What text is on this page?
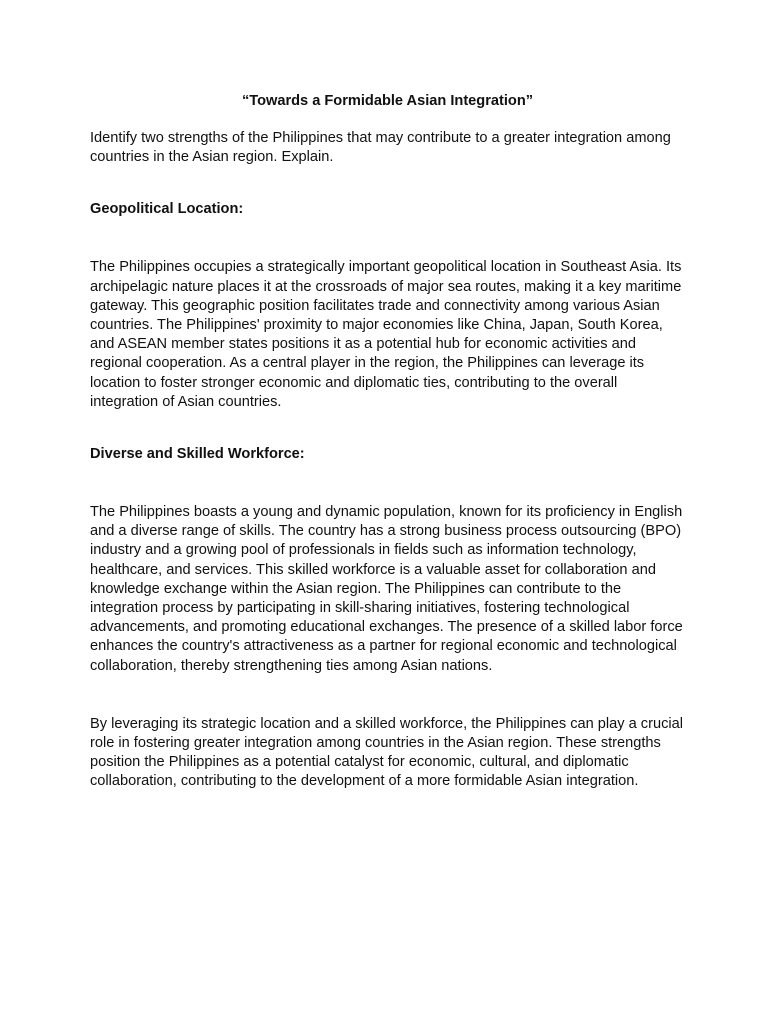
“Towards a Formidable Asian Integration”

Identify two strengths of the Philippines that may contribute to a greater integration among countries in the Asian region. Explain.

Geopolitical Location:

The Philippines occupies a strategically important geopolitical location in Southeast Asia. Its archipelagic nature places it at the crossroads of major sea routes, making it a key maritime gateway. This geographic position facilitates trade and connectivity among various Asian countries. The Philippines' proximity to major economies like China, Japan, South Korea, and ASEAN member states positions it as a potential hub for economic activities and regional cooperation. As a central player in the region, the Philippines can leverage its location to foster stronger economic and diplomatic ties, contributing to the overall integration of Asian countries.

Diverse and Skilled Workforce:

The Philippines boasts a young and dynamic population, known for its proficiency in English and a diverse range of skills. The country has a strong business process outsourcing (BPO) industry and a growing pool of professionals in fields such as information technology, healthcare, and services. This skilled workforce is a valuable asset for collaboration and knowledge exchange within the Asian region. The Philippines can contribute to the integration process by participating in skill-sharing initiatives, fostering technological advancements, and promoting educational exchanges. The presence of a skilled labor force enhances the country's attractiveness as a partner for regional economic and technological collaboration, thereby strengthening ties among Asian nations.

By leveraging its strategic location and a skilled workforce, the Philippines can play a crucial role in fostering greater integration among countries in the Asian region. These strengths position the Philippines as a potential catalyst for economic, cultural, and diplomatic collaboration, contributing to the development of a more formidable Asian integration.
